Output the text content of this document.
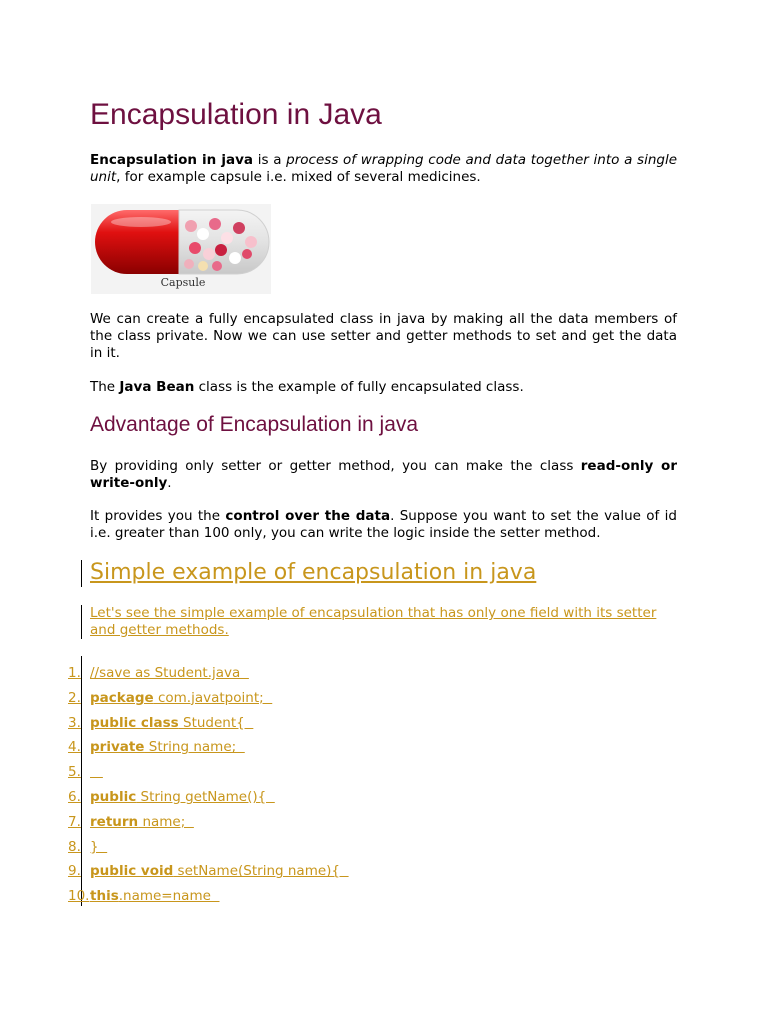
Encapsulation in Java

Encapsulation in java is a process of wrapping code and data together into a single unit, for example capsule i.e. mixed of several medicines.

Capsule

We can create a fully encapsulated class in java by making all the data members of the class private. Now we can use setter and getter methods to set and get the data in it.

The Java Bean class is the example of fully encapsulated class.

Advantage of Encapsulation in java

By providing only setter or getter method, you can make the class read-only or write-only.

It provides you the control over the data. Suppose you want to set the value of id i.e. greater than 100 only, you can write the logic inside the setter method.

Simple example of encapsulation in java

Let's see the simple example of encapsulation that has only one field with its setter and getter methods.

1. //save as Student.java
2. package com.javatpoint;
3. public class Student{
4. private String name;
5.

6. public String getName(){
7. return name;
8. }
9. public void setName(String name){
10. this.name=name
